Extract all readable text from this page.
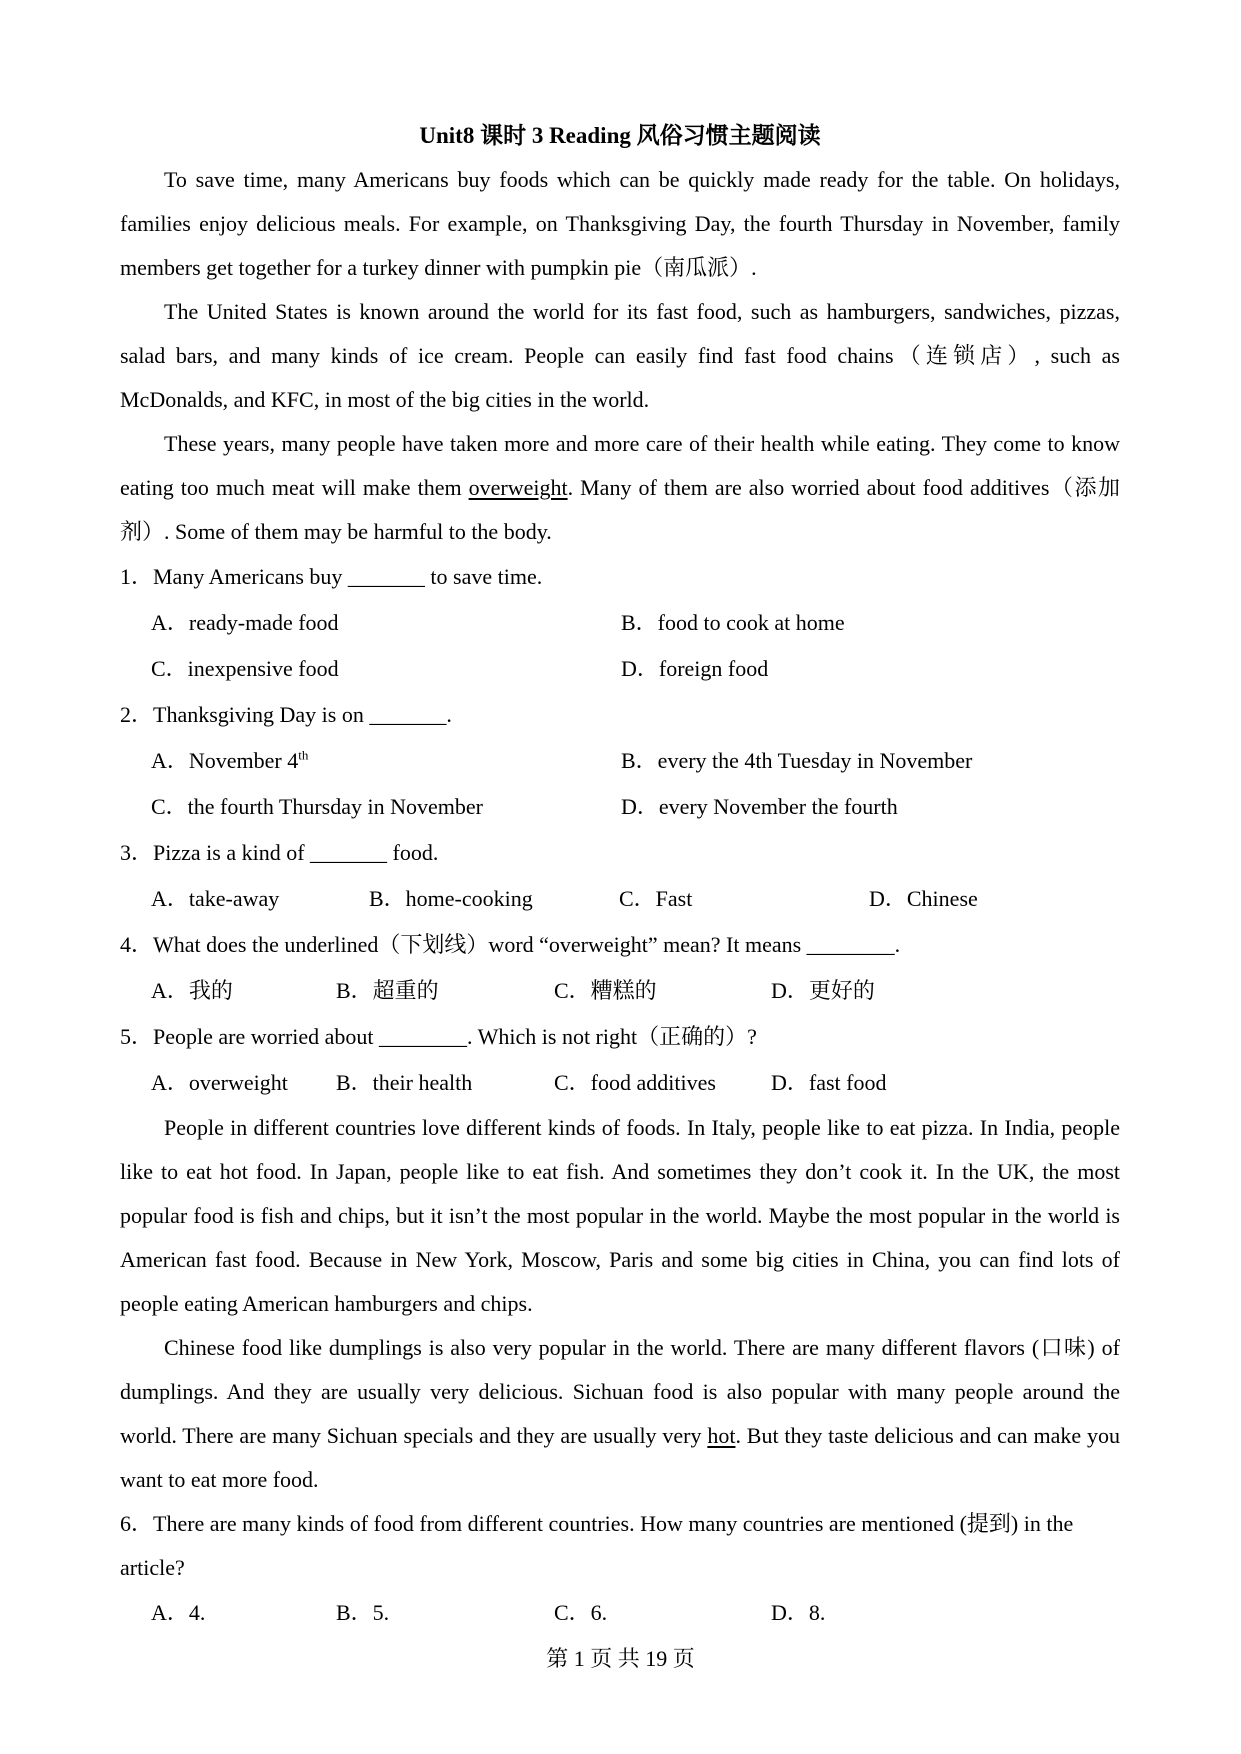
Unit8 课时 3 Reading 风俗习惯主题阅读

To save time, many Americans buy foods which can be quickly made ready for the table. On holidays, families enjoy delicious meals. For example, on Thanksgiving Day, the fourth Thursday in November, family members get together for a turkey dinner with pumpkin pie（南瓜派）.

The United States is known around the world for its fast food, such as hamburgers, sandwiches, pizzas, salad bars, and many kinds of ice cream. People can easily find fast food chains（连锁店）, such as McDonalds, and KFC, in most of the big cities in the world.

These years, many people have taken more and more care of their health while eating. They come to know eating too much meat will make them overweight. Many of them are also worried about food additives（添加剂）. Some of them may be harmful to the body.

1．Many Americans buy _______ to save time.

A．ready-made food	B．food to cook at home
C．inexpensive food	D．foreign food

2．Thanksgiving Day is on _______.

A．November 4th	B．every the 4th Tuesday in November
C．the fourth Thursday in November	D．every November the fourth

3．Pizza is a kind of _______ food.

A．take-away	B．home-cooking	C．Fast	D．Chinese

4．What does the underlined（下划线）word “overweight” mean? It means ________.

A．我的	B．超重的	C．糟糕的	D．更好的

5．People are worried about ________. Which is not right（正确的）?

A．overweight	B．their health	C．food additives	D．fast food

People in different countries love different kinds of foods. In Italy, people like to eat pizza. In India, people like to eat hot food. In Japan, people like to eat fish. And sometimes they don’t cook it. In the UK, the most popular food is fish and chips, but it isn’t the most popular in the world. Maybe the most popular in the world is American fast food. Because in New York, Moscow, Paris and some big cities in China, you can find lots of people eating American hamburgers and chips.

Chinese food like dumplings is also very popular in the world. There are many different flavors (口味) of dumplings. And they are usually very delicious. Sichuan food is also popular with many people around the world. There are many Sichuan specials and they are usually very hot. But they taste delicious and can make you want to eat more food.

6．There are many kinds of food from different countries. How many countries are mentioned (提到) in the article?

A．4.	B．5.	C．6.	D．8.
第 1 页 共 19 页
